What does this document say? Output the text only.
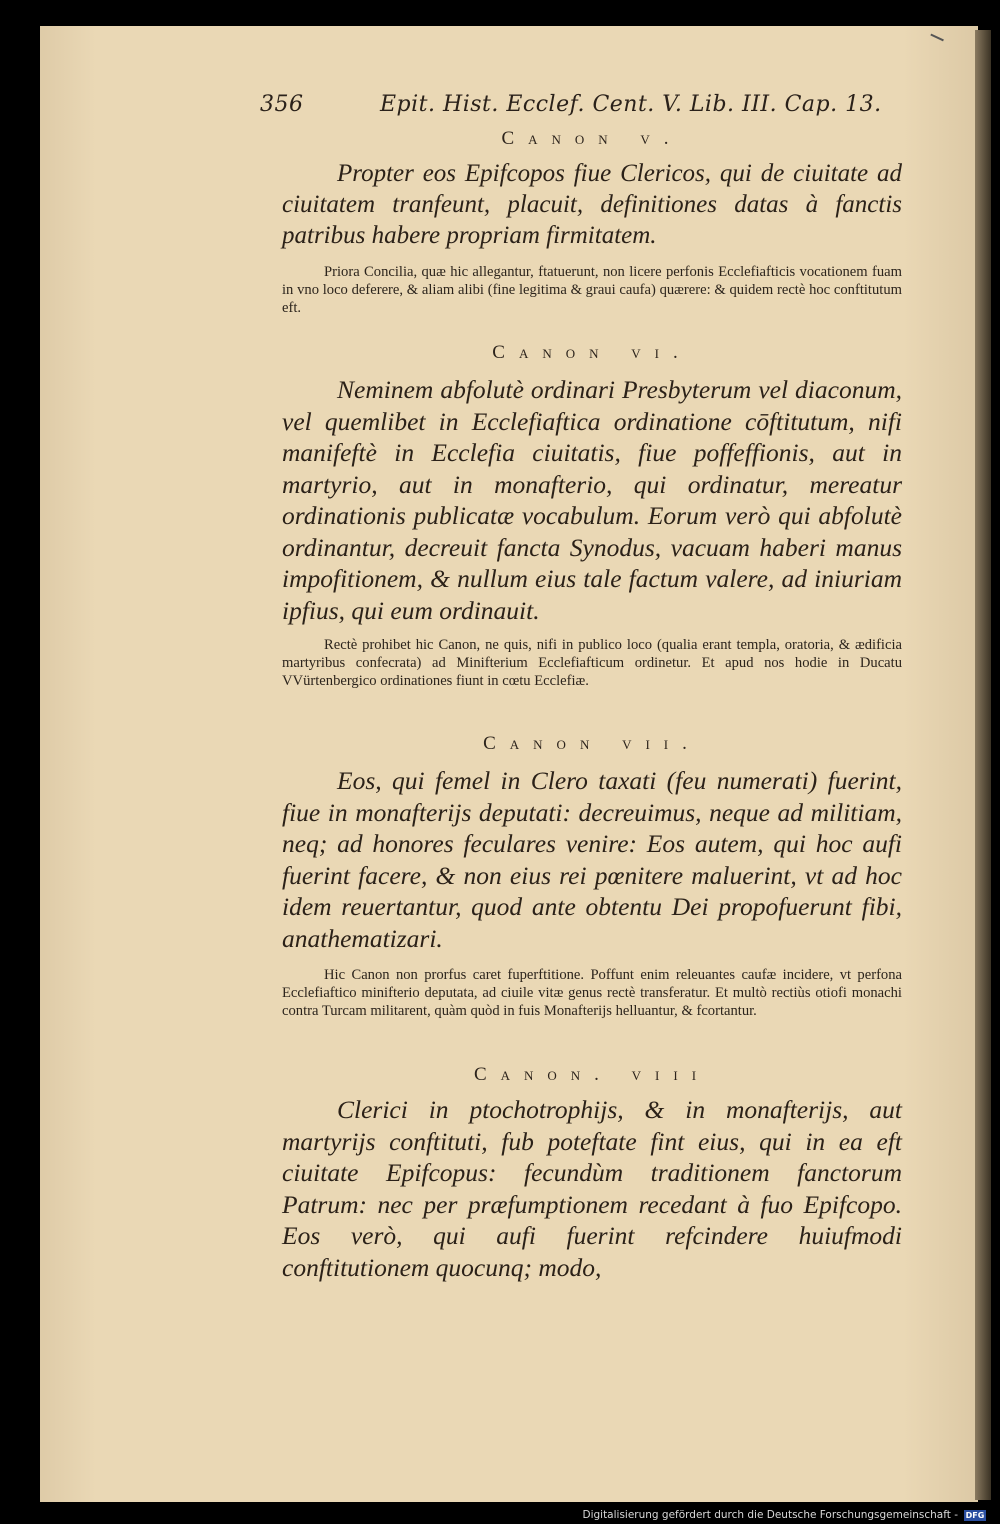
356	Epit. Hist. Ecclef. Cent. V. Lib. III. Cap. 13.
Canon v.
Propter eos Epifcopos fiue Clericos, qui de ciuitate ad ciuitatem tranfeunt, placuit, definitiones datas à fanctis patribus habere propriam firmitatem.
Priora Concilia, quæ hic allegantur, ftatuerunt, non licere perfonis Ecclefiafticis vocationem fuam in vno loco deferere, & aliam alibi (fine legitima & graui caufa) quærere: & quidem rectè hoc conftitutum eft.
Canon vi.
Neminem abfolutè ordinari Presbyterum vel diaconum, vel quemlibet in Ecclefiaftica ordinatione cōftitutum, nifi manifeftè in Ecclefia ciuitatis, fiue poffeffionis, aut in martyrio, aut in monafterio, qui ordinatur, mereatur ordinationis publicatæ vocabulum. Eorum verò qui abfolutè ordinantur, decreuit fancta Synodus, vacuam haberi manus impofitionem, & nullum eius tale factum valere, ad iniuriam ipfius, qui eum ordinauit.
Rectè prohibet hic Canon, ne quis, nifi in publico loco (qualia erant templa, oratoria, & ædificia martyribus confecrata) ad Minifterium Ecclefiafticum ordinetur. Et apud nos hodie in Ducatu VVürtenbergico ordinationes fiunt in cœtu Ecclefiæ.
Canon vii.
Eos, qui femel in Clero taxati (feu numerati) fuerint, fiue in monafterijs deputati: decreuimus, neque ad militiam, neq; ad honores feculares venire: Eos autem, qui hoc aufi fuerint facere, & non eius rei pœnitere maluerint, vt ad hoc idem reuertantur, quod ante obtentu Dei propofuerunt fibi, anathematizari.
Hic Canon non prorfus caret fuperftitione. Poffunt enim releuantes caufæ incidere, vt perfona Ecclefiaftico minifterio deputata, ad ciuile vitæ genus rectè transferatur. Et multò rectiùs otiofi monachi contra Turcam militarent, quàm quòd in fuis Monafterijs helluantur, & fcortantur.
Canon. viii
Clerici in ptochotrophijs, & in monafterijs, aut martyrijs conftituti, fub poteftate fint eius, qui in ea eft ciuitate Epifcopus: fecundùm traditionem fanctorum Patrum: nec per præfumptionem recedant à fuo Epifcopo. Eos verò, qui aufi fuerint refcindere huiufmodi conftitutionem quocunq; modo,
Digitalisierung gefördert durch die Deutsche Forschungsgemeinschaft - DFG
